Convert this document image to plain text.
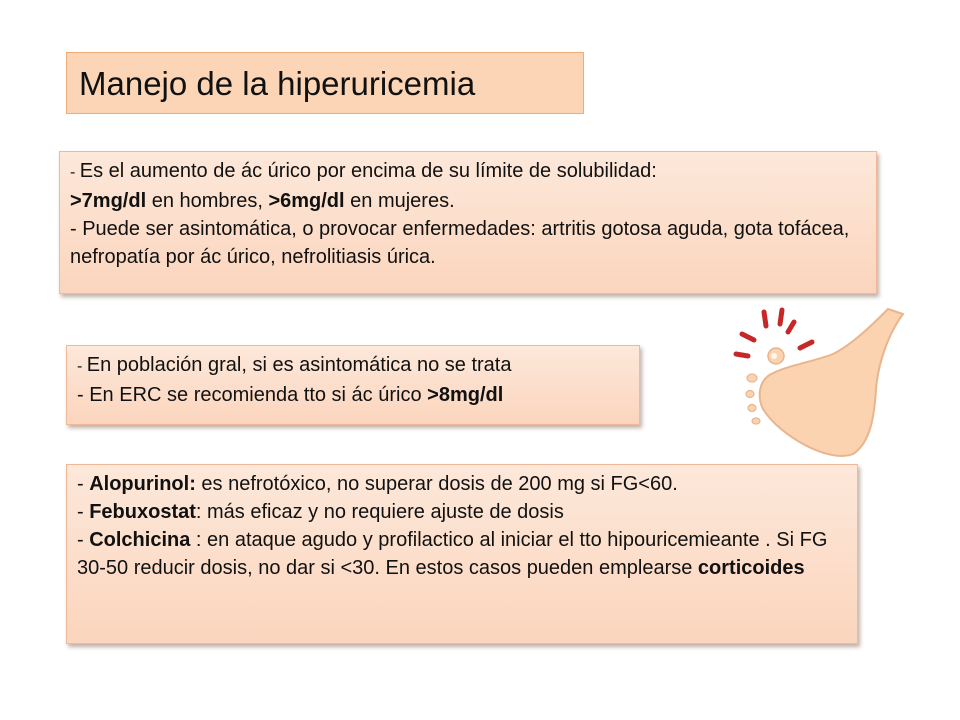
Manejo de la hiperuricemia

- Es el aumento de ác úrico por encima de su límite de solubilidad:

>7mg/dl en hombres, >6mg/dl en mujeres.

- Puede ser asintomática, o provocar enfermedades: artritis gotosa aguda, gota tofácea, nefropatía por ác úrico, nefrolitiasis úrica.

- En población gral, si es asintomática no se trata

- En ERC se recomienda tto si ác úrico >8mg/dl

- Alopurinol: es nefrotóxico, no superar dosis de 200 mg si FG<60.

- Febuxostat: más eficaz y no requiere ajuste de dosis

- Colchicina : en ataque agudo y profilactico al iniciar el tto hipouricemieante . Si FG 30-50 reducir dosis, no dar si <30. En estos casos pueden emplearse corticoides
